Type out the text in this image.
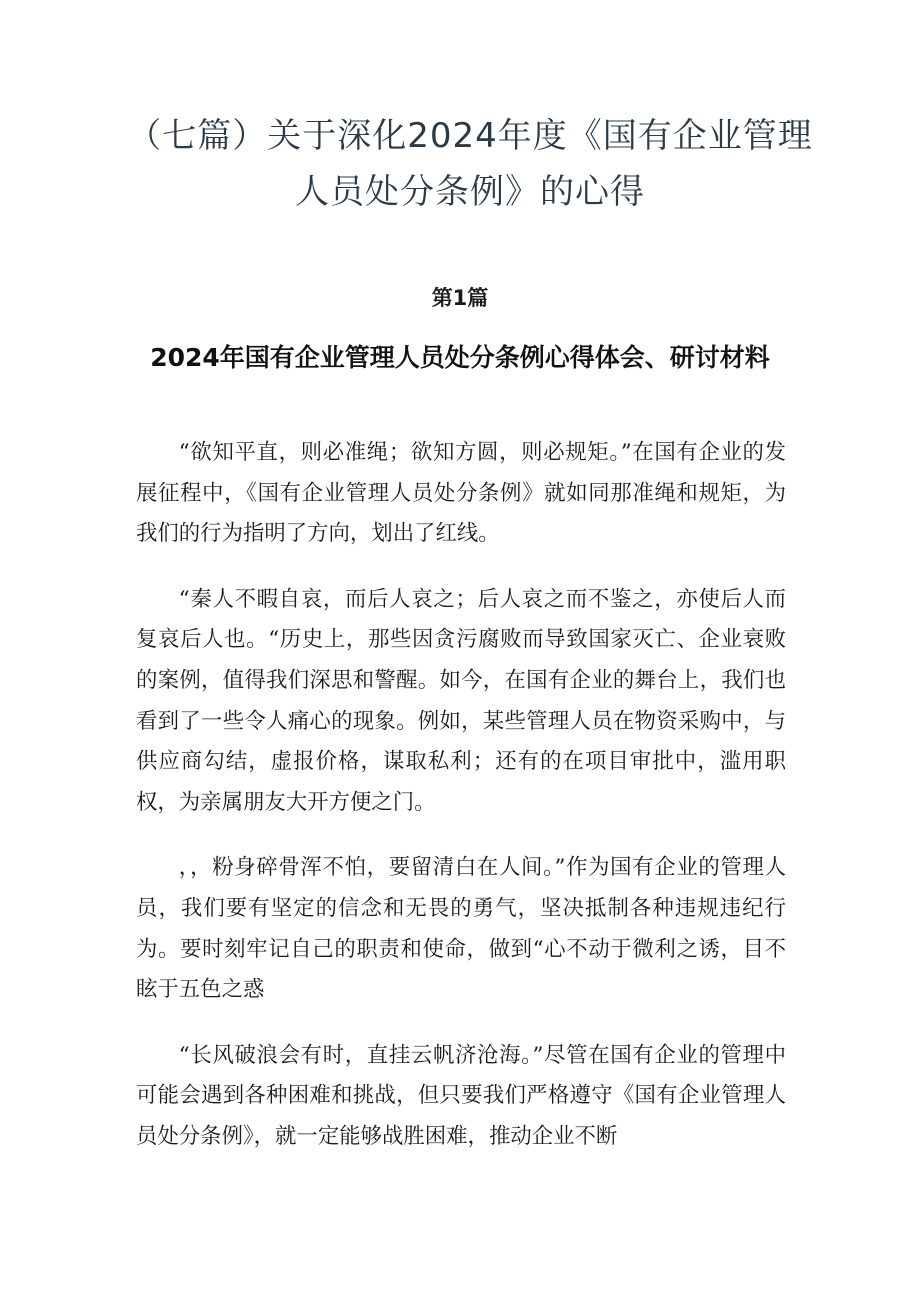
（七篇）关于深化2024年度《国有企业管理人员处分条例》的心得
第1篇
2024年国有企业管理人员处分条例心得体会、研讨材料

“欲知平直，则必准绳；欲知方圆，则必规矩。”在国有企业的发展征程中，《国有企业管理人员处分条例》就如同那准绳和规矩，为我们的行为指明了方向，划出了红线。

“秦人不暇自哀，而后人哀之；后人哀之而不鉴之，亦使后人而复哀后人也。“历史上，那些因贪污腐败而导致国家灭亡、企业衰败的案例，值得我们深思和警醒。如今，在国有企业的舞台上，我们也看到了一些令人痛心的现象。例如，某些管理人员在物资采购中，与供应商勾结，虚报价格，谋取私利；还有的在项目审批中，滥用职权，为亲属朋友大开方便之门。

，，粉身碎骨浑不怕，要留清白在人间。”作为国有企业的管理人员，我们要有坚定的信念和无畏的勇气，坚决抵制各种违规违纪行为。要时刻牢记自己的职责和使命，做到“心不动于微利之诱，目不眩于五色之惑

“长风破浪会有时，直挂云帆济沧海。”尽管在国有企业的管理中可能会遇到各种困难和挑战，但只要我们严格遵守《国有企业管理人员处分条例》，就一定能够战胜困难，推动企业不断
